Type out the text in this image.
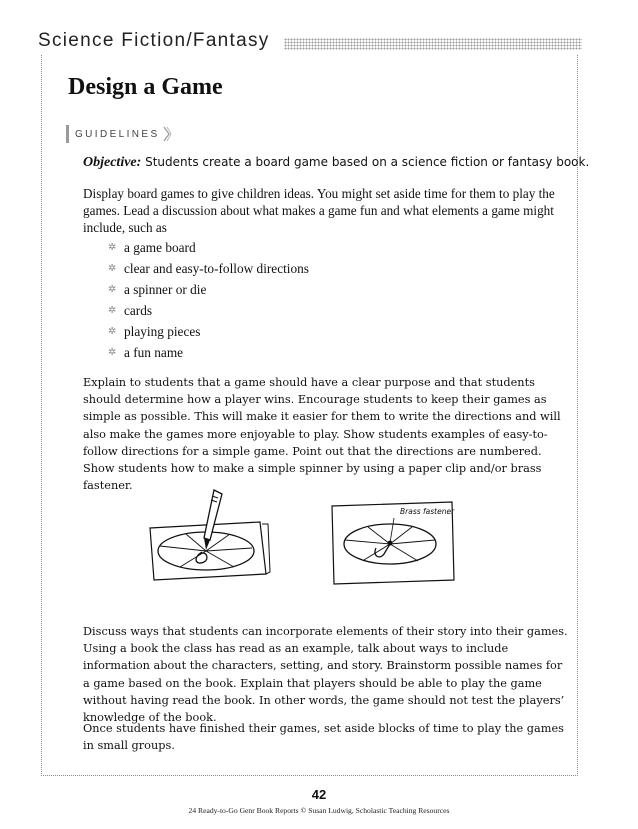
Science Fiction/Fantasy
Design a Game
GUIDELINES
Objective: Students create a board game based on a science fiction or fantasy book.
Display board games to give children ideas. You might set aside time for them to play the games. Lead a discussion about what makes a game fun and what elements a game might include, such as
✲ a game board
✲ clear and easy-to-follow directions
✲ a spinner or die
✲ cards
✲ playing pieces
✲ a fun name
Explain to students that a game should have a clear purpose and that students should determine how a player wins. Encourage students to keep their games as simple as possible. This will make it easier for them to write the directions and will also make the games more enjoyable to play. Show students examples of easy-to-follow directions for a simple game. Point out that the directions are numbered.
Show students how to make a simple spinner by using a paper clip and/or brass fastener.
Brass fastener
Discuss ways that students can incorporate elements of their story into their games. Using a book the class has read as an example, talk about ways to include information about the characters, setting, and story. Brainstorm possible names for a game based on the book. Explain that players should be able to play the game without having read the book. In other words, the game should not test the players’ knowledge of the book.
Once students have finished their games, set aside blocks of time to play the games in small groups.
42
24 Ready-to-Go Genr Book Reports © Susan Ludwig, Scholastic Teaching Resources
